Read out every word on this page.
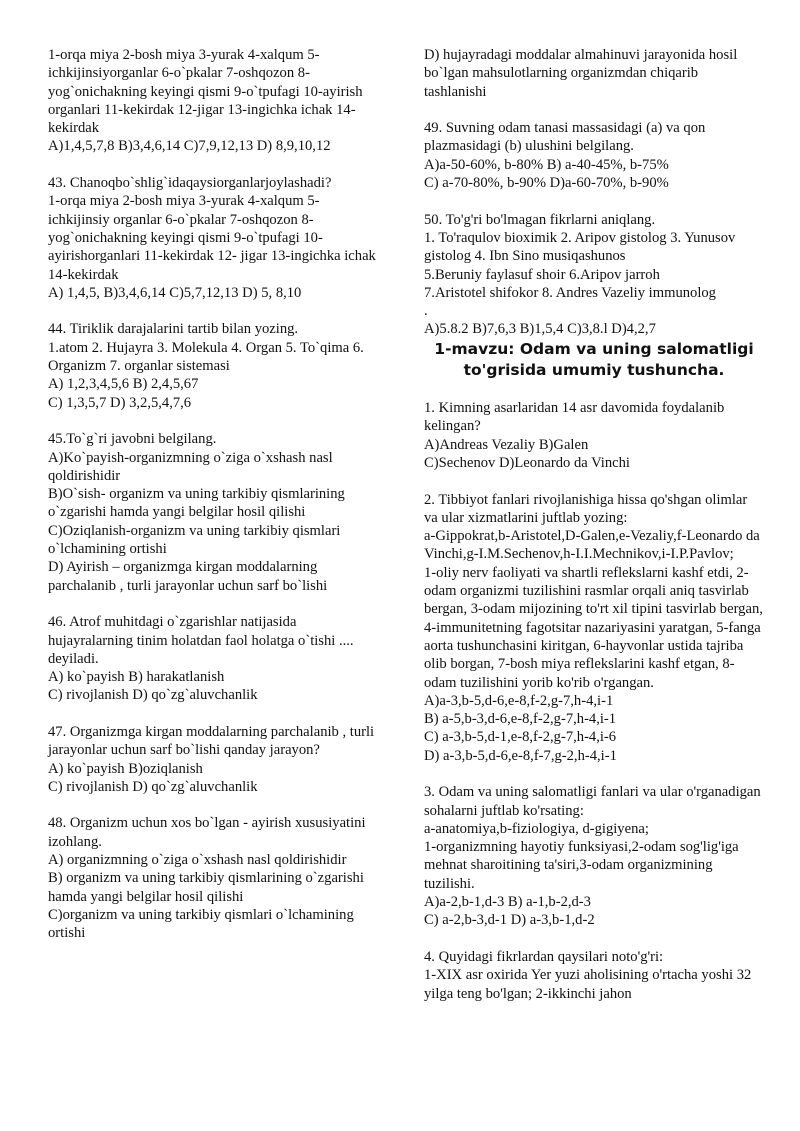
1-orqa miya 2-bosh miya 3-yurak 4-xalqum 5-ichkijinsiyorganlar 6-o`pkalar 7-oshqozon 8-yog`onichakning keyingi qismi 9-o`tpufagi 10-ayirish organlari 11-kekirdak 12-jigar 13-ingichka ichak 14-kekirdak

A)1,4,5,7,8 B)3,4,6,14 C)7,9,12,13 D) 8,9,10,12

43. Chanoqbo`shlig`idaqaysiorganlarjoylashadi?

1-orqa miya 2-bosh miya 3-yurak 4-xalqum 5-ichkijinsiy organlar 6-o`pkalar 7-oshqozon 8-yog`onichakning keyingi qismi 9-o`tpufagi 10-ayirishorganlari 11-kekirdak 12- jigar 13-ingichka ichak 14-kekirdak

A) 1,4,5, B)3,4,6,14 C)5,7,12,13 D) 5, 8,10

44. Tiriklik darajalarini tartib bilan yozing.

1.atom 2. Hujayra 3. Molekula 4. Organ 5. To`qima 6. Organizm 7. organlar sistemasi

A) 1,2,3,4,5,6 B) 2,4,5,67

C) 1,3,5,7 D) 3,2,5,4,7,6

45.To`g`ri javobni belgilang.

A)Ko`payish-organizmning o`ziga o`xshash nasl qoldirishidir

B)O`sish- organizm va uning tarkibiy qismlarining o`zgarishi hamda yangi belgilar hosil qilishi

C)Oziqlanish-organizm va uning tarkibiy qismlari o`lchamining ortishi

D) Ayirish – organizmga kirgan moddalarning parchalanib , turli jarayonlar uchun sarf bo`lishi

46. Atrof muhitdagi o`zgarishlar natijasida hujayralarning tinim holatdan faol holatga o`tishi .... deyiladi.

A) ko`payish B) harakatlanish

C) rivojlanish D) qo`zg`aluvchanlik

47. Organizmga kirgan moddalarning parchalanib , turli jarayonlar uchun sarf bo`lishi qanday jarayon?

A) ko`payish B)oziqlanish

C) rivojlanish D) qo`zg`aluvchanlik

48. Organizm uchun xos bo`lgan - ayirish xususiyatini izohlang.

A) organizmning o`ziga o`xshash nasl qoldirishidir

B) organizm va uning tarkibiy qismlarining o`zgarishi hamda yangi belgilar hosil qilishi

C)organizm va uning tarkibiy qismlari o`lchamining ortishi

D) hujayradagi moddalar almahinuvi jarayonida hosil bo`lgan mahsulotlarning organizmdan chiqarib tashlanishi

49. Suvning odam tanasi massasidagi (a) va qon plazmasidagi (b) ulushini belgilang.

A)a-50-60%, b-80% B) a-40-45%, b-75%

C) a-70-80%, b-90% D)a-60-70%, b-90%

50. To'g'ri bo'lmagan fikrlarni aniqlang.

1. To'raqulov bioximik 2. Aripov gistolog 3. Yunusov gistolog 4. Ibn Sino musiqashunos
5.Beruniy faylasuf shoir 6.Aripov jarroh
7.Aristotel shifokor 8. Andres Vazeliy immunolog
.

A)5.8.2 B)7,6,3 B)1,5,4 C)3,8.l D)4,2,7

1-mavzu: Odam va uning salomatligi
to'grisida umumiy tushuncha.

1. Kimning asarlaridan 14 asr davomida foydalanib kelingan?

A)Andreas Vezaliy B)Galen

C)Sechenov D)Leonardo da Vinchi

2. Tibbiyot fanlari rivojlanishiga hissa qo'shgan olimlar va ular xizmatlarini juftlab yozing:

a-Gippokrat,b-Aristotel,D-Galen,e-Vezaliy,f-Leonardo da Vinchi,g-I.M.Sechenov,h-I.I.Mechnikov,i-I.P.Pavlov;

1-oliy nerv faoliyati va shartli reflekslarni kashf etdi, 2-odam organizmi tuzilishini rasmlar orqali aniq tasvirlab bergan, 3-odam mijozining to'rt xil tipini tasvirlab bergan, 4-immunitetning fagotsitar nazariyasini yaratgan, 5-fanga aorta tushunchasini kiritgan, 6-hayvonlar ustida tajriba olib borgan, 7-bosh miya reflekslarini kashf etgan, 8-odam tuzilishini yorib ko'rib o'rgangan.

A)a-3,b-5,d-6,e-8,f-2,g-7,h-4,i-1

B) a-5,b-3,d-6,e-8,f-2,g-7,h-4,i-1

C) a-3,b-5,d-1,e-8,f-2,g-7,h-4,i-6

D) a-3,b-5,d-6,e-8,f-7,g-2,h-4,i-1

3. Odam va uning salomatligi fanlari va ular o'rganadigan sohalarni juftlab ko'rsating:

a-anatomiya,b-fiziologiya, d-gigiyena;

1-organizmning hayotiy funksiyasi,2-odam sog'lig'iga mehnat sharoitining ta'siri,3-odam organizmining tuzilishi.

A)a-2,b-1,d-3 B) a-1,b-2,d-3

C) a-2,b-3,d-1 D) a-3,b-1,d-2

4. Quyidagi fikrlardan qaysilari noto'g'ri:

1-XIX asr oxirida Yer yuzi aholisining o'rtacha yoshi 32 yilga teng bo'lgan; 2-ikkinchi jahon
